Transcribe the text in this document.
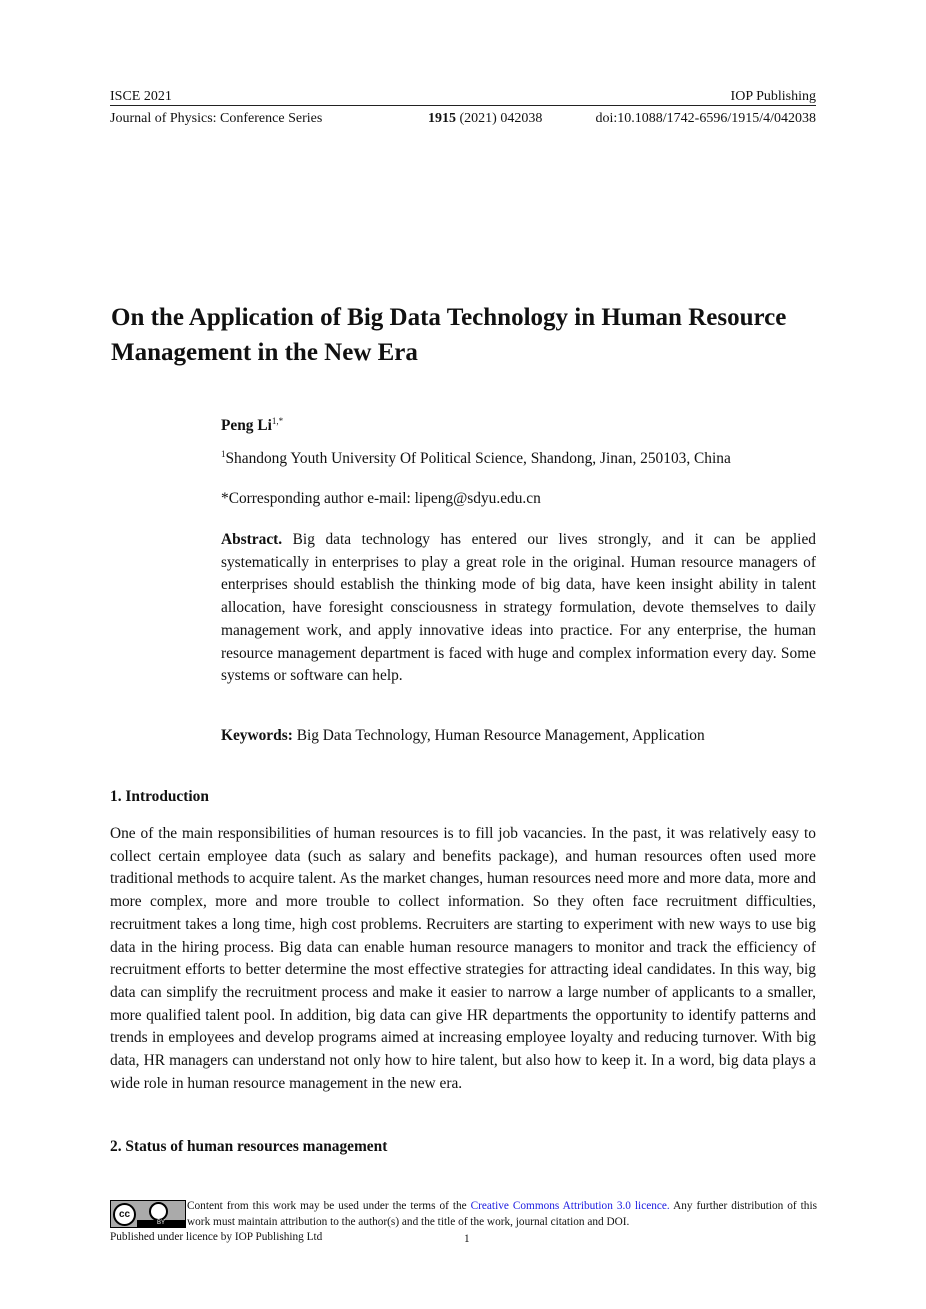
ISCE 2021	IOP Publishing
Journal of Physics: Conference Series	1915 (2021) 042038	doi:10.1088/1742-6596/1915/4/042038
On the Application of Big Data Technology in Human Resource Management in the New Era
Peng $Li^{1,*}$
$^1$Shandong Youth University Of Political Science, Shandong, Jinan, 250103, China
*Corresponding author e-mail: lipeng@sdyu.edu.cn
Abstract. Big data technology has entered our lives strongly, and it can be applied systematically in enterprises to play a great role in the original. Human resource managers of enterprises should establish the thinking mode of big data, have keen insight ability in talent allocation, have foresight consciousness in strategy formulation, devote themselves to daily management work, and apply innovative ideas into practice. For any enterprise, the human resource management department is faced with huge and complex information every day. Some systems or software can help.
Keywords: Big Data Technology, Human Resource Management, Application
1. Introduction
One of the main responsibilities of human resources is to fill job vacancies. In the past, it was relatively easy to collect certain employee data (such as salary and benefits package), and human resources often used more traditional methods to acquire talent. As the market changes, human resources need more and more data, more and more complex, more and more trouble to collect information. So they often face recruitment difficulties, recruitment takes a long time, high cost problems. Recruiters are starting to experiment with new ways to use big data in the hiring process. Big data can enable human resource managers to monitor and track the efficiency of recruitment efforts to better determine the most effective strategies for attracting ideal candidates. In this way, big data can simplify the recruitment process and make it easier to narrow a large number of applicants to a smaller, more qualified talent pool. In addition, big data can give HR departments the opportunity to identify patterns and trends in employees and develop programs aimed at increasing employee loyalty and reducing turnover. With big data, HR managers can understand not only how to hire talent, but also how to keep it. In a word, big data plays a wide role in human resource management in the new era.
2. Status of human resources management
cc
BY
Content from this work may be used under the terms of the Creative Commons Attribution 3.0 licence. Any further distribution of this work must maintain attribution to the author(s) and the title of the work, journal citation and DOI.
Published under licence by IOP Publishing Ltd	1
